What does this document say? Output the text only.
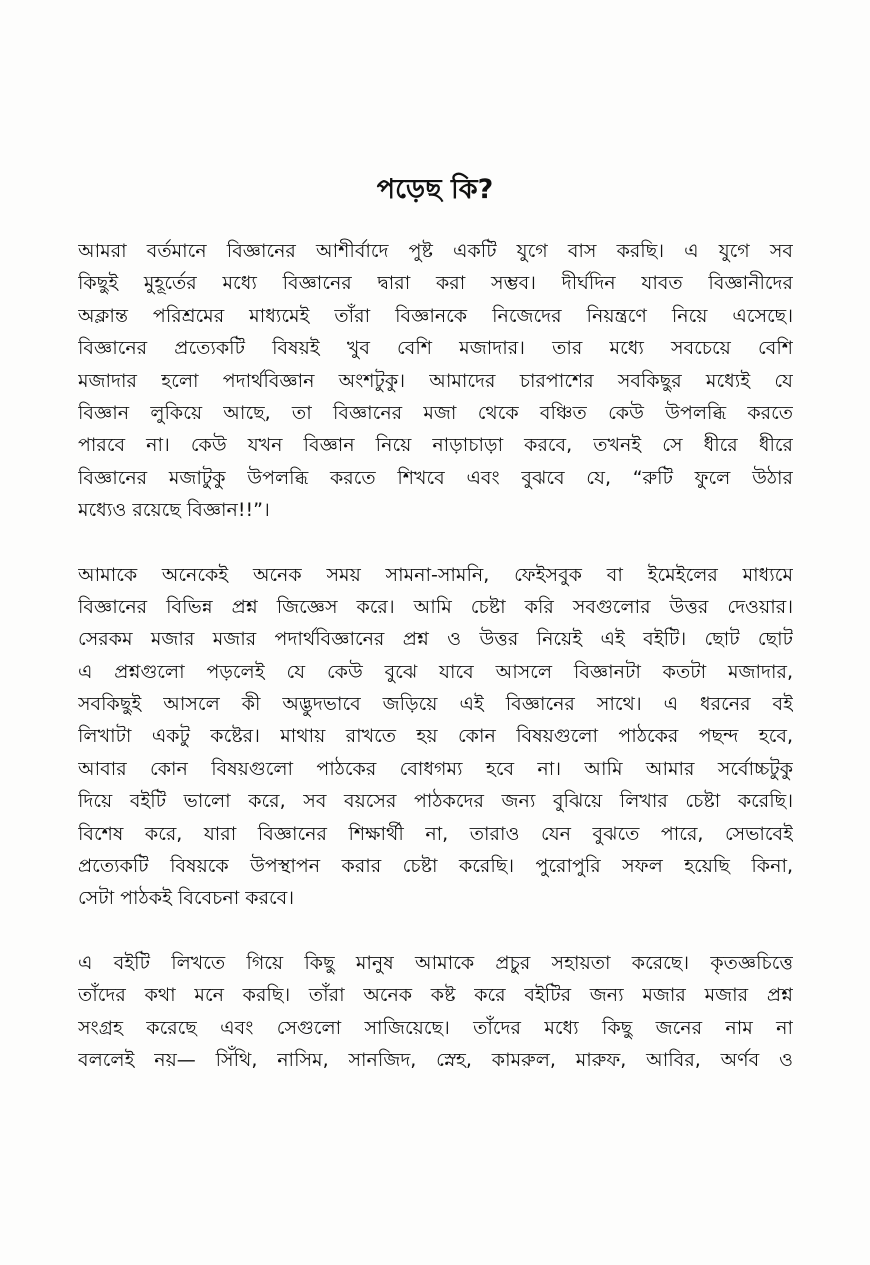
পড়েছ কি?
আমরা বর্তমানে বিজ্ঞানের আশীর্বাদে পুষ্ট একটি যুগে বাস করছি। এ যুগে সব
কিছুই মুহূর্তের মধ্যে বিজ্ঞানের দ্বারা করা সম্ভব। দীর্ঘদিন যাবত বিজ্ঞানীদের
অক্লান্ত পরিশ্রমের মাধ্যমেই তাঁরা বিজ্ঞানকে নিজেদের নিয়ন্ত্রণে নিয়ে এসেছে।
বিজ্ঞানের প্রত্যেকটি বিষয়ই খুব বেশি মজাদার। তার মধ্যে সবচেয়ে বেশি
মজাদার হলো পদার্থবিজ্ঞান অংশটুকু। আমাদের চারপাশের সবকিছুর মধ্যেই যে
বিজ্ঞান লুকিয়ে আছে, তা বিজ্ঞানের মজা থেকে বঞ্চিত কেউ উপলব্ধি করতে
পারবে না। কেউ যখন বিজ্ঞান নিয়ে নাড়াচাড়া করবে, তখনই সে ধীরে ধীরে
বিজ্ঞানের মজাটুকু উপলব্ধি করতে শিখবে এবং বুঝবে যে, “রুটি ফুলে উঠার
মধ্যেও রয়েছে বিজ্ঞান!!”।
আমাকে অনেকেই অনেক সময় সামনা-সামনি, ফেইসবুক বা ইমেইলের মাধ্যমে
বিজ্ঞানের বিভিন্ন প্রশ্ন জিজ্ঞেস করে। আমি চেষ্টা করি সবগুলোর উত্তর দেওয়ার।
সেরকম মজার মজার পদার্থবিজ্ঞানের প্রশ্ন ও উত্তর নিয়েই এই বইটি। ছোট ছোট
এ প্রশ্নগুলো পড়লেই যে কেউ বুঝে যাবে আসলে বিজ্ঞানটা কতটা মজাদার,
সবকিছুই আসলে কী অদ্ভুদভাবে জড়িয়ে এই বিজ্ঞানের সাথে। এ ধরনের বই
লিখাটা একটু কষ্টের। মাথায় রাখতে হয় কোন বিষয়গুলো পাঠকের পছন্দ হবে,
আবার কোন বিষয়গুলো পাঠকের বোধগম্য হবে না। আমি আমার সর্বোচ্চটুকু
দিয়ে বইটি ভালো করে, সব বয়সের পাঠকদের জন্য বুঝিয়ে লিখার চেষ্টা করেছি।
বিশেষ করে, যারা বিজ্ঞানের শিক্ষার্থী না, তারাও যেন বুঝতে পারে, সেভাবেই
প্রত্যেকটি বিষয়কে উপস্থাপন করার চেষ্টা করেছি। পুরোপুরি সফল হয়েছি কিনা,
সেটা পাঠকই বিবেচনা করবে।
এ বইটি লিখতে গিয়ে কিছু মানুষ আমাকে প্রচুর সহায়তা করেছে। কৃতজ্ঞচিত্তে
তাঁদের কথা মনে করছি। তাঁরা অনেক কষ্ট করে বইটির জন্য মজার মজার প্রশ্ন
সংগ্রহ করেছে এবং সেগুলো সাজিয়েছে। তাঁদের মধ্যে কিছু জনের নাম না
বললেই নয়— সিঁথি, নাসিম, সানজিদ, স্নেহ, কামরুল, মারুফ, আবির, অর্ণব ও
